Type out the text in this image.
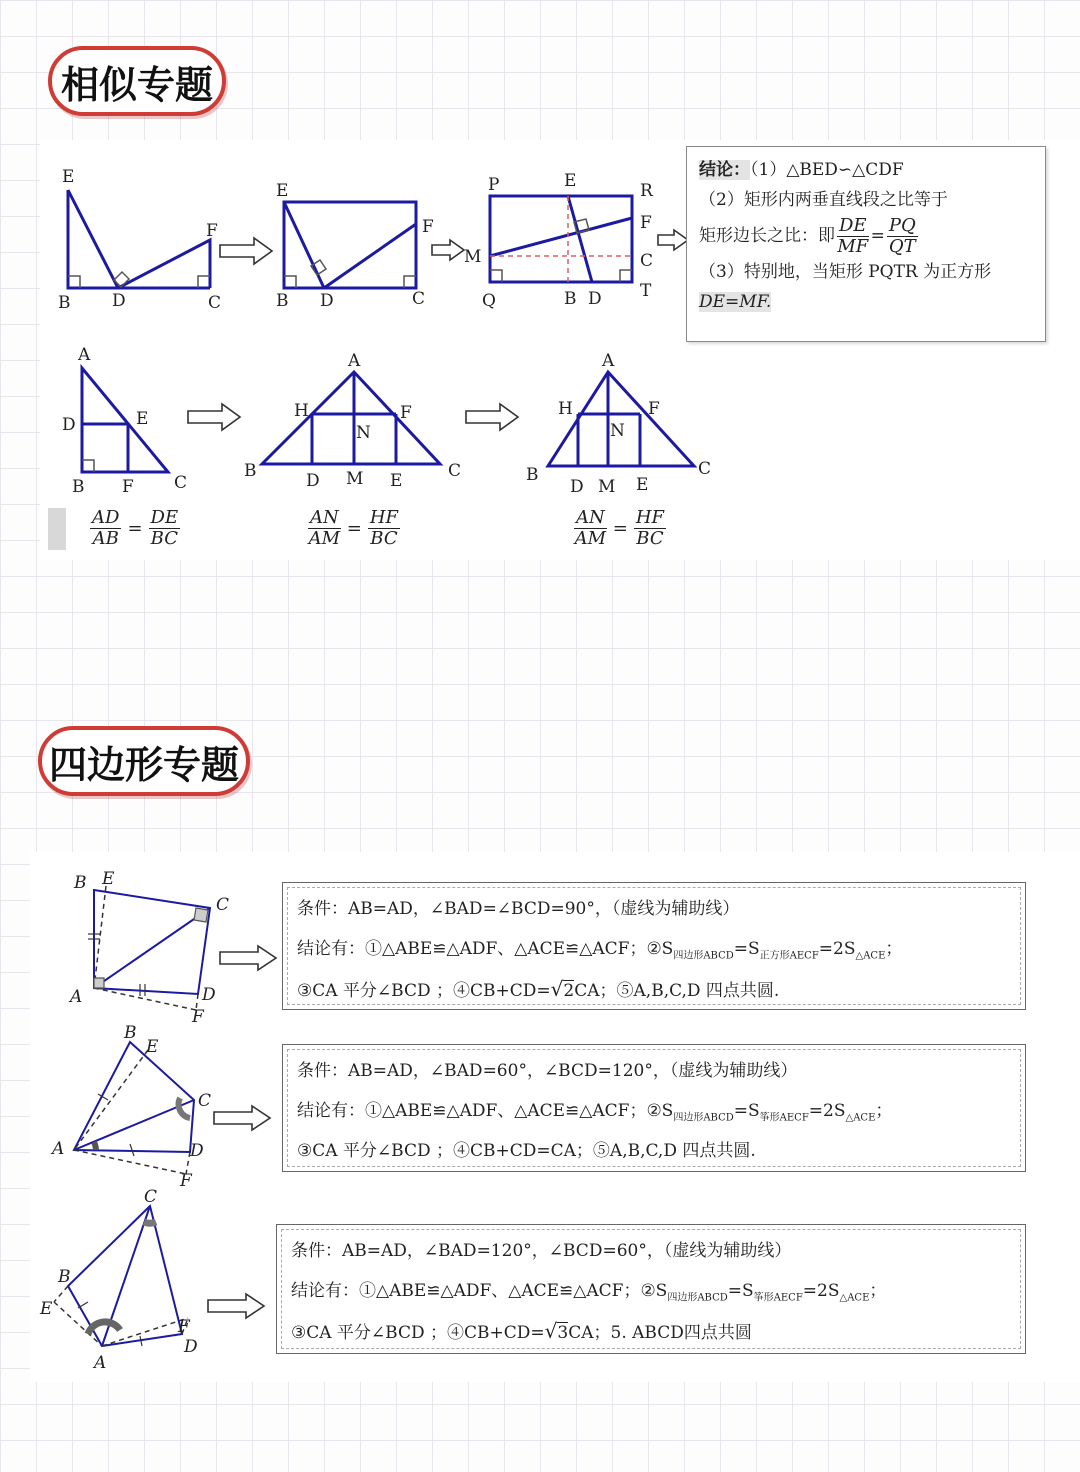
相似专题
E
B D
F
C
E
B D
F
C
P	E	R
M
F
C
Q	B D T
结论：（1）△BED∽△CDF
（2）矩形内两垂直线段之比等于
矩形边长之比：即 $\frac{DE}{MF} = \frac{PQ}{QT}$
（3）特别地，当矩形 PQTR 为正方形
DE=MF.
A
D	E
B F C
A
H	F
N
B	D M E	C
A
H	F
N
B
D M E
C
$\frac{AD}{AB} = \frac{DE}{BC}$	$\frac{AN}{AM} = \frac{HF}{BC}$	$\frac{AN}{AM} = \frac{HF}{BC}$
四边形专题
B E
C
A	D
F
条件：AB=AD，∠BAD=∠BCD=90°，（虚线为辅助线）
结论有：①△ABE≌△ADF、△ACE≌△ACF；$②S_{四边形ABCD}=S_{正方形AECF}=2S_{\triangle ACE}$；
③CA 平分∠BCD ；④CB+CD=√2CA；⑤A,B,C,D 四点共圆.
B
E
C
A	D
F
条件：AB=AD，∠BAD=60°，∠BCD=120°，（虚线为辅助线）
结论有：①△ABE≌△ADF、△ACE≌△ACF；$②S_{四边形ABCD}=S_{筝形AECF}=2S_{\triangle ACE}$；
③CA 平分∠BCD ；④CB+CD=CA；⑤A,B,C,D 四点共圆.
C
B
E
F
D
A
条件：AB=AD，∠BAD=120°，∠BCD=60°，（虚线为辅助线）
结论有：①△ABE≌△ADF、△ACE≌△ACF；$②S_{四边形ABCD}=S_{筝形AECF}=2S_{\triangle ACE}$；
③CA 平分∠BCD ；④CB+CD=√3CA；5. ABCD四点共圆
